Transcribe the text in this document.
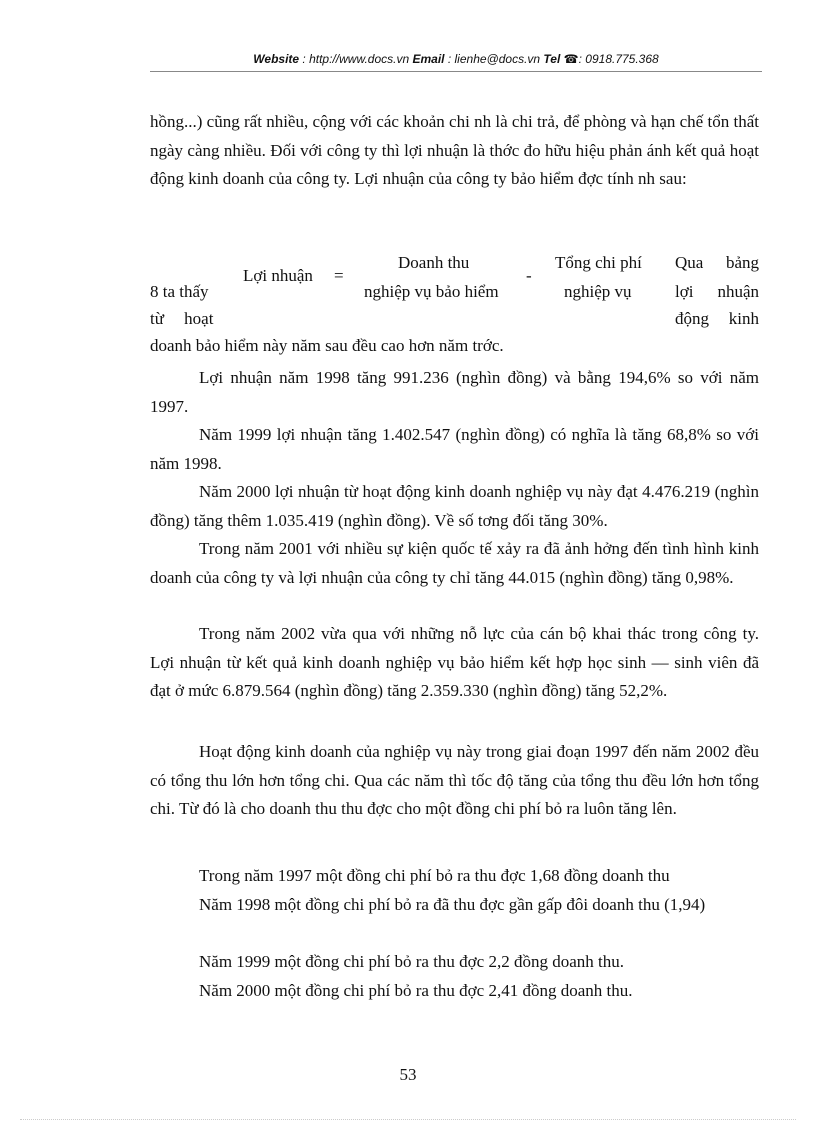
Website : http://www.docs.vn Email : lienhe@docs.vn Tel ☎: 0918.775.368
hồng...) cũng rất nhiều, cộng với các khoản chi nh là chi trả, để phòng và hạn chế tổn thất ngày càng nhiều. Đối với công ty thì lợi nhuận là thớc đo hữu hiệu phản ánh kết quả hoạt động kinh doanh của công ty. Lợi nhuận của công ty bảo hiểm đợc tính nh sau:
Lợi nhuận =
Doanh thu
nghiệp vụ bảo hiểm
-
Tổng chi phí
nghiệp vụ
8 ta thấy
từ hoạt
Qua bảng
lợi nhuận
động kinh
doanh bảo hiểm này năm sau đều cao hơn năm trớc.
Lợi nhuận năm 1998 tăng 991.236 (nghìn đồng) và bằng 194,6% so với năm 1997.
Năm 1999 lợi nhuận tăng 1.402.547 (nghìn đồng) có nghĩa là tăng 68,8% so với năm 1998.
Năm 2000 lợi nhuận từ hoạt động kinh doanh nghiệp vụ này đạt 4.476.219 (nghìn đồng) tăng thêm 1.035.419 (nghìn đồng). Về số tơng đối tăng 30%.
Trong năm 2001 với nhiều sự kiện quốc tế xảy ra đã ảnh hởng đến tình hình kinh doanh của công ty và lợi nhuận của công ty chỉ tăng 44.015 (nghìn đồng) tăng 0,98%.
Trong năm 2002 vừa qua với những nỗ lực của cán bộ khai thác trong công ty. Lợi nhuận từ kết quả kinh doanh nghiệp vụ bảo hiểm kết hợp học sinh — sinh viên đã đạt ở mức 6.879.564 (nghìn đồng) tăng 2.359.330 (nghìn đồng) tăng 52,2%.
Hoạt động kinh doanh của nghiệp vụ này trong giai đoạn 1997 đến năm 2002 đều có tổng thu lớn hơn tổng chi. Qua các năm thì tốc độ tăng của tổng thu đều lớn hơn tổng chi. Từ đó là cho doanh thu thu đợc cho một đồng chi phí bỏ ra luôn tăng lên.
Trong năm 1997 một đồng chi phí bỏ ra thu đợc 1,68 đồng doanh thu
Năm 1998 một đồng chi phí bỏ ra đã thu đợc gần gấp đôi doanh thu (1,94)
Năm 1999 một đồng chi phí bỏ ra thu đợc 2,2 đồng doanh thu.
Năm 2000 một đồng chi phí bỏ ra thu đợc 2,41 đồng doanh thu.
53
